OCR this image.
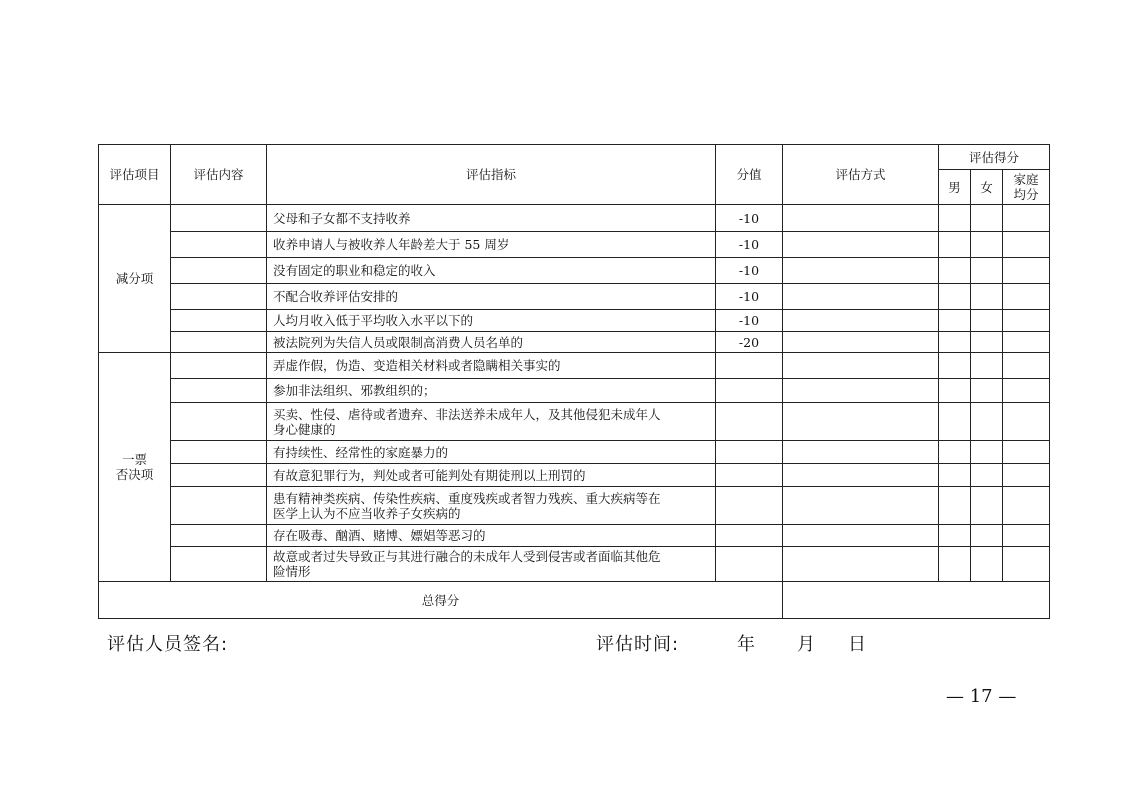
评估项目	评估内容	评估指标	分值	评估方式	评估得分		
					男	女	家庭
均分

减分项		父母和子女都不支持收养	-10				
		收养申请人与被收养人年龄差大于 55 周岁	-10				
		没有固定的职业和稳定的收入	-10				
		不配合收养评估安排的	-10				
		人均月收入低于平均收入水平以下的	-10				
		被法院列为失信人员或限制高消费人员名单的	-20				

一票
否决项		弄虚作假，伪造、变造相关材料或者隐瞒相关事实的					

		参加非法组织、邪教组织的；					

		买卖、性侵、虐待或者遗弃、非法送养未成年人，及其他侵犯未成年人
身心健康的					

		有持续性、经常性的家庭暴力的					

		有故意犯罪行为，判处或者可能判处有期徒刑以上刑罚的					

		患有精神类疾病、传染性疾病、重度残疾或者智力残疾、重大疾病等在
医学上认为不应当收养子女疾病的					

		存在吸毒、酗酒、赌博、嫖娼等恶习的					

		故意或者过失导致正与其进行融合的未成年人受到侵害或者面临其他危
险情形					

总得分							
评估人员签名:	评估时间:	年 月 日
— 17 —
